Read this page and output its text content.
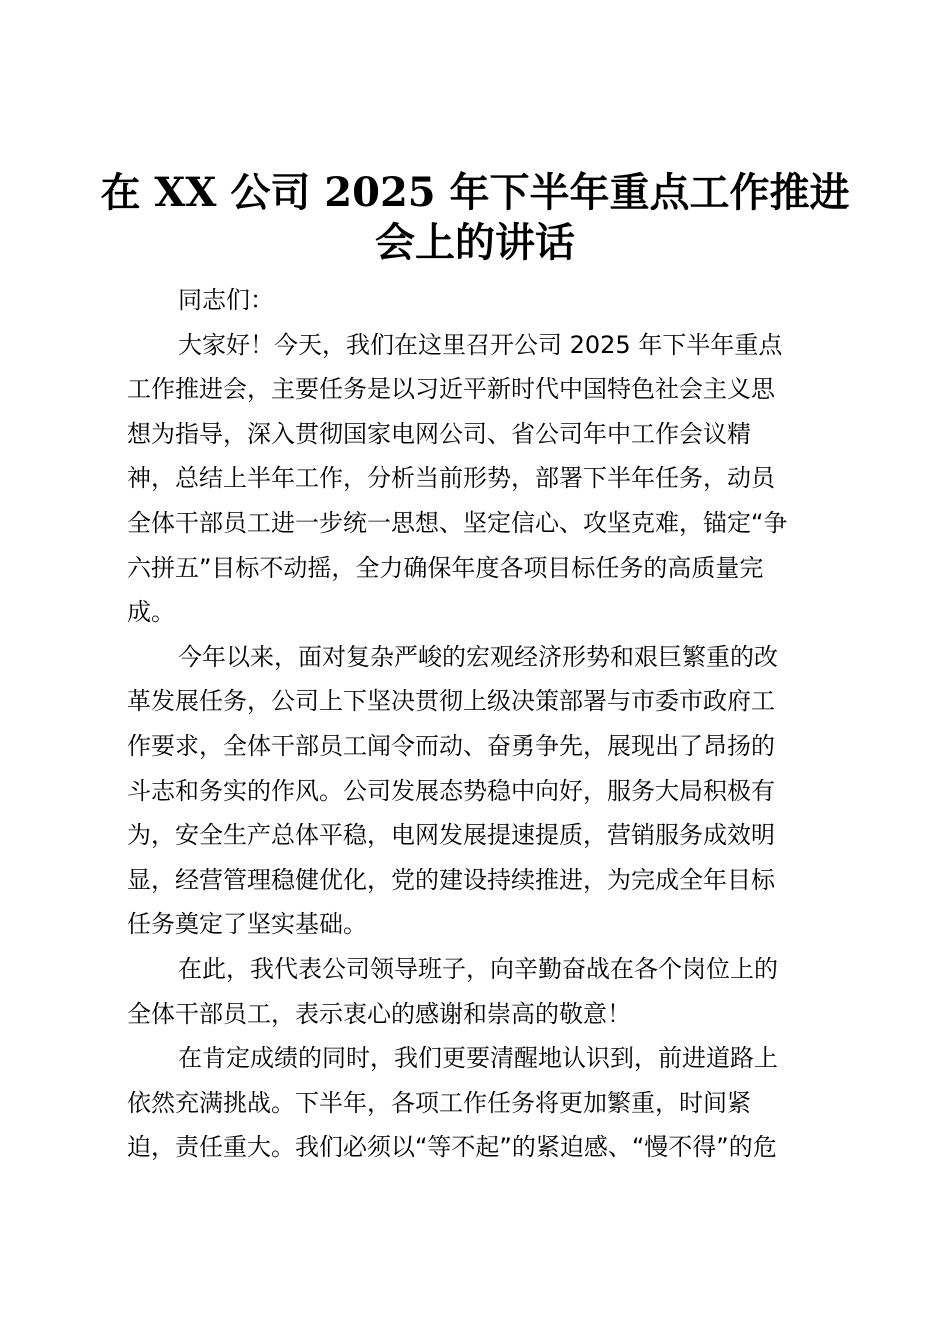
在 XX 公司 2025 年下半年重点工作推进
会上的讲话
同志们：
大家好！今天，我们在这里召开公司 2025 年下半年重点
工作推进会，主要任务是以习近平新时代中国特色社会主义思
想为指导，深入贯彻国家电网公司、省公司年中工作会议精
神，总结上半年工作，分析当前形势，部署下半年任务，动员
全体干部员工进一步统一思想、坚定信心、攻坚克难，锚定“争
六拼五”目标不动摇，全力确保年度各项目标任务的高质量完
成。
今年以来，面对复杂严峻的宏观经济形势和艰巨繁重的改
革发展任务，公司上下坚决贯彻上级决策部署与市委市政府工
作要求，全体干部员工闻令而动、奋勇争先，展现出了昂扬的
斗志和务实的作风。公司发展态势稳中向好，服务大局积极有
为，安全生产总体平稳，电网发展提速提质，营销服务成效明
显，经营管理稳健优化，党的建设持续推进，为完成全年目标
任务奠定了坚实基础。
在此，我代表公司领导班子，向辛勤奋战在各个岗位上的
全体干部员工，表示衷心的感谢和崇高的敬意！
在肯定成绩的同时，我们更要清醒地认识到，前进道路上
依然充满挑战。下半年，各项工作任务将更加繁重，时间紧
迫，责任重大。我们必须以“等不起”的紧迫感、“慢不得”的危
